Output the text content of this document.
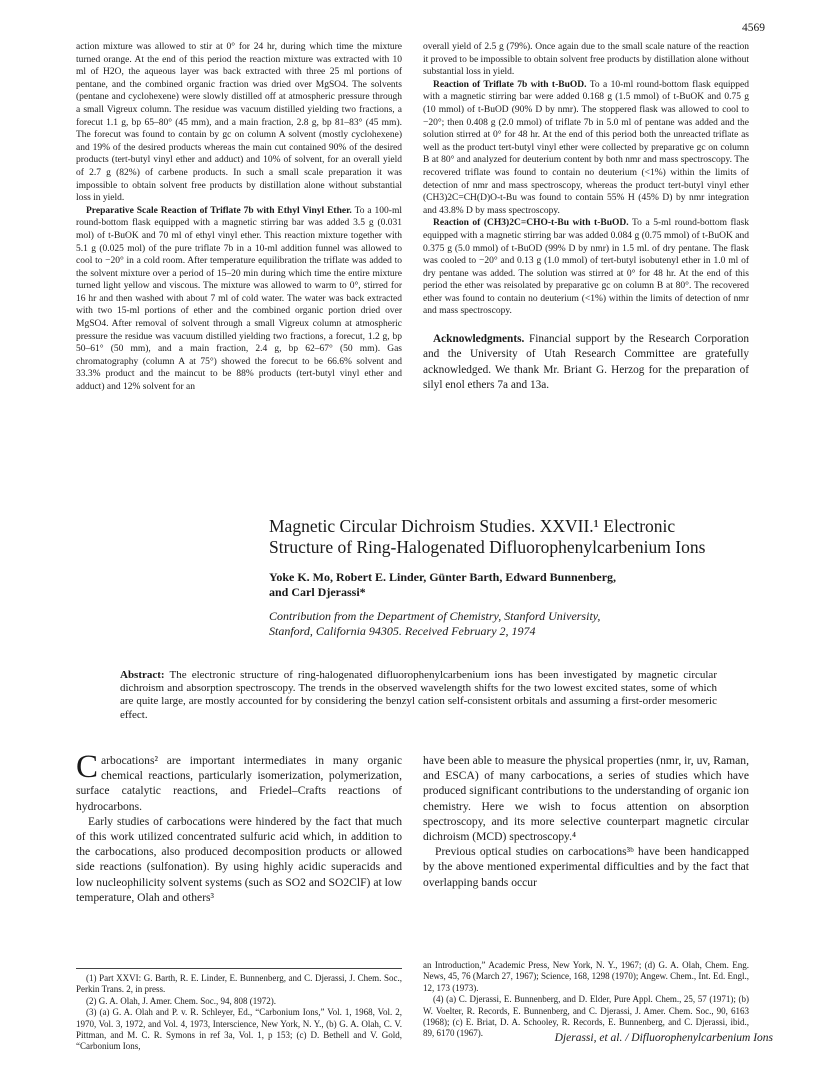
4569

action mixture was allowed to stir at 0° for 24 hr, during which time the mixture turned orange. At the end of this period the reaction mixture was extracted with 10 ml of H2O, the aqueous layer was back extracted with three 25 ml portions of pentane, and the combined organic fraction was dried over MgSO4. The solvents (pentane and cyclohexene) were slowly distilled off at atmospheric pressure through a small Vigreux column. The residue was vacuum distilled yielding two fractions, a forecut 1.1 g, bp 65–80° (45 mm), and a main fraction, 2.8 g, bp 81–83° (45 mm). The forecut was found to contain by gc on column A solvent (mostly cyclohexene) and 19% of the desired products whereas the main cut contained 90% of the desired products (tert-butyl vinyl ether and adduct) and 10% of solvent, for an overall yield of 2.7 g (82%) of carbene products. In such a small scale preparation it was impossible to obtain solvent free products by distillation alone without substantial loss in yield.

Preparative Scale Reaction of Triflate 7b with Ethyl Vinyl Ether. To a 100-ml round-bottom flask equipped with a magnetic stirring bar was added 3.5 g (0.031 mol) of t-BuOK and 70 ml of ethyl vinyl ether. This reaction mixture together with 5.1 g (0.025 mol) of the pure triflate 7b in a 10-ml addition funnel was allowed to cool to −20° in a cold room. After temperature equilibration the triflate was added to the solvent mixture over a period of 15–20 min during which time the entire mixture turned light yellow and viscous. The mixture was allowed to warm to 0°, stirred for 16 hr and then washed with about 7 ml of cold water. The water was back extracted with two 15-ml portions of ether and the combined organic portion dried over MgSO4. After removal of solvent through a small Vigreux column at atmospheric pressure the residue was vacuum distilled yielding two fractions, a forecut, 1.2 g, bp 50–61° (50 mm), and a main fraction, 2.4 g, bp 62–67° (50 mm). Gas chromatography (column A at 75°) showed the forecut to be 66.6% solvent and 33.3% product and the maincut to be 88% products (tert-butyl vinyl ether and adduct) and 12% solvent for an

overall yield of 2.5 g (79%). Once again due to the small scale nature of the reaction it proved to be impossible to obtain solvent free products by distillation alone without substantial loss in yield.

Reaction of Triflate 7b with t-BuOD. To a 10-ml round-bottom flask equipped with a magnetic stirring bar were added 0.168 g (1.5 mmol) of t-BuOK and 0.75 g (10 mmol) of t-BuOD (90% D by nmr). The stoppered flask was allowed to cool to −20°; then 0.408 g (2.0 mmol) of triflate 7b in 5.0 ml of pentane was added and the solution stirred at 0° for 48 hr. At the end of this period both the unreacted triflate as well as the product tert-butyl vinyl ether were collected by preparative gc on column B at 80° and analyzed for deuterium content by both nmr and mass spectroscopy. The recovered triflate was found to contain no deuterium (<1%) within the limits of detection of nmr and mass spectroscopy, whereas the product tert-butyl vinyl ether (CH3)2C=CH(D)O-t-Bu was found to contain 55% H (45% D) by nmr integration and 43.8% D by mass spectroscopy.

Reaction of (CH3)2C=CHO-t-Bu with t-BuOD. To a 5-ml round-bottom flask equipped with a magnetic stirring bar was added 0.084 g (0.75 mmol) of t-BuOK and 0.375 g (5.0 mmol) of t-BuOD (99% D by nmr) in 1.5 ml. of dry pentane. The flask was cooled to −20° and 0.13 g (1.0 mmol) of tert-butyl isobutenyl ether in 1.0 ml of dry pentane was added. The solution was stirred at 0° for 48 hr. At the end of this period the ether was reisolated by preparative gc on column B at 80°. The recovered ether was found to contain no deuterium (<1%) within the limits of detection of nmr and mass spectroscopy.

Acknowledgments. Financial support by the Research Corporation and the University of Utah Research Committee are gratefully acknowledged. We thank Mr. Briant G. Herzog for the preparation of silyl enol ethers 7a and 13a.

Magnetic Circular Dichroism Studies. XXVII.¹ Electronic
Structure of Ring-Halogenated Difluorophenylcarbenium Ions

Yoke K. Mo, Robert E. Linder, Günter Barth, Edward Bunnenberg,
and Carl Djerassi*

Contribution from the Department of Chemistry, Stanford University,
Stanford, California 94305. Received February 2, 1974

Abstract: The electronic structure of ring-halogenated difluorophenylcarbenium ions has been investigated by magnetic circular dichroism and absorption spectroscopy. The trends in the observed wavelength shifts for the two lowest excited states, some of which are quite large, are mostly accounted for by considering the benzyl cation self-consistent orbitals and assuming a first-order mesomeric effect.

Carbocations² are important intermediates in many organic chemical reactions, particularly isomerization, polymerization, surface catalytic reactions, and Friedel–Crafts reactions of hydrocarbons.

Early studies of carbocations were hindered by the fact that much of this work utilized concentrated sulfuric acid which, in addition to the carbocations, also produced decomposition products or allowed side reactions (sulfonation). By using highly acidic superacids and low nucleophilicity solvent systems (such as SO2 and SO2ClF) at low temperature, Olah and others³

have been able to measure the physical properties (nmr, ir, uv, Raman, and ESCA) of many carbocations, a series of studies which have produced significant contributions to the understanding of organic ion chemistry. Here we wish to focus attention on absorption spectroscopy, and its more selective counterpart magnetic circular dichroism (MCD) spectroscopy.⁴

Previous optical studies on carbocations³ᵇ have been handicapped by the above mentioned experimental difficulties and by the fact that overlapping bands occur

(1) Part XXVI: G. Barth, R. E. Linder, E. Bunnenberg, and C. Djerassi, J. Chem. Soc., Perkin Trans. 2, in press.

(2) G. A. Olah, J. Amer. Chem. Soc., 94, 808 (1972).

(3) (a) G. A. Olah and P. v. R. Schleyer, Ed., “Carbonium Ions,” Vol. 1, 1968, Vol. 2, 1970, Vol. 3, 1972, and Vol. 4, 1973, Interscience, New York, N. Y., (b) G. A. Olah, C. V. Pittman, and M. C. R. Symons in ref 3a, Vol. 1, p 153; (c) D. Bethell and V. Gold, “Carbonium Ions,

an Introduction,” Academic Press, New York, N. Y., 1967; (d) G. A. Olah, Chem. Eng. News, 45, 76 (March 27, 1967); Science, 168, 1298 (1970); Angew. Chem., Int. Ed. Engl., 12, 173 (1973).

(4) (a) C. Djerassi, E. Bunnenberg, and D. Elder, Pure Appl. Chem., 25, 57 (1971); (b) W. Voelter, R. Records, E. Bunnenberg, and C. Djerassi, J. Amer. Chem. Soc., 90, 6163 (1968); (c) E. Briat, D. A. Schooley, R. Records, E. Bunnenberg, and C. Djerassi, ibid., 89, 6170 (1967).	Djerassi, et al. / Difluorophenylcarbenium Ions
